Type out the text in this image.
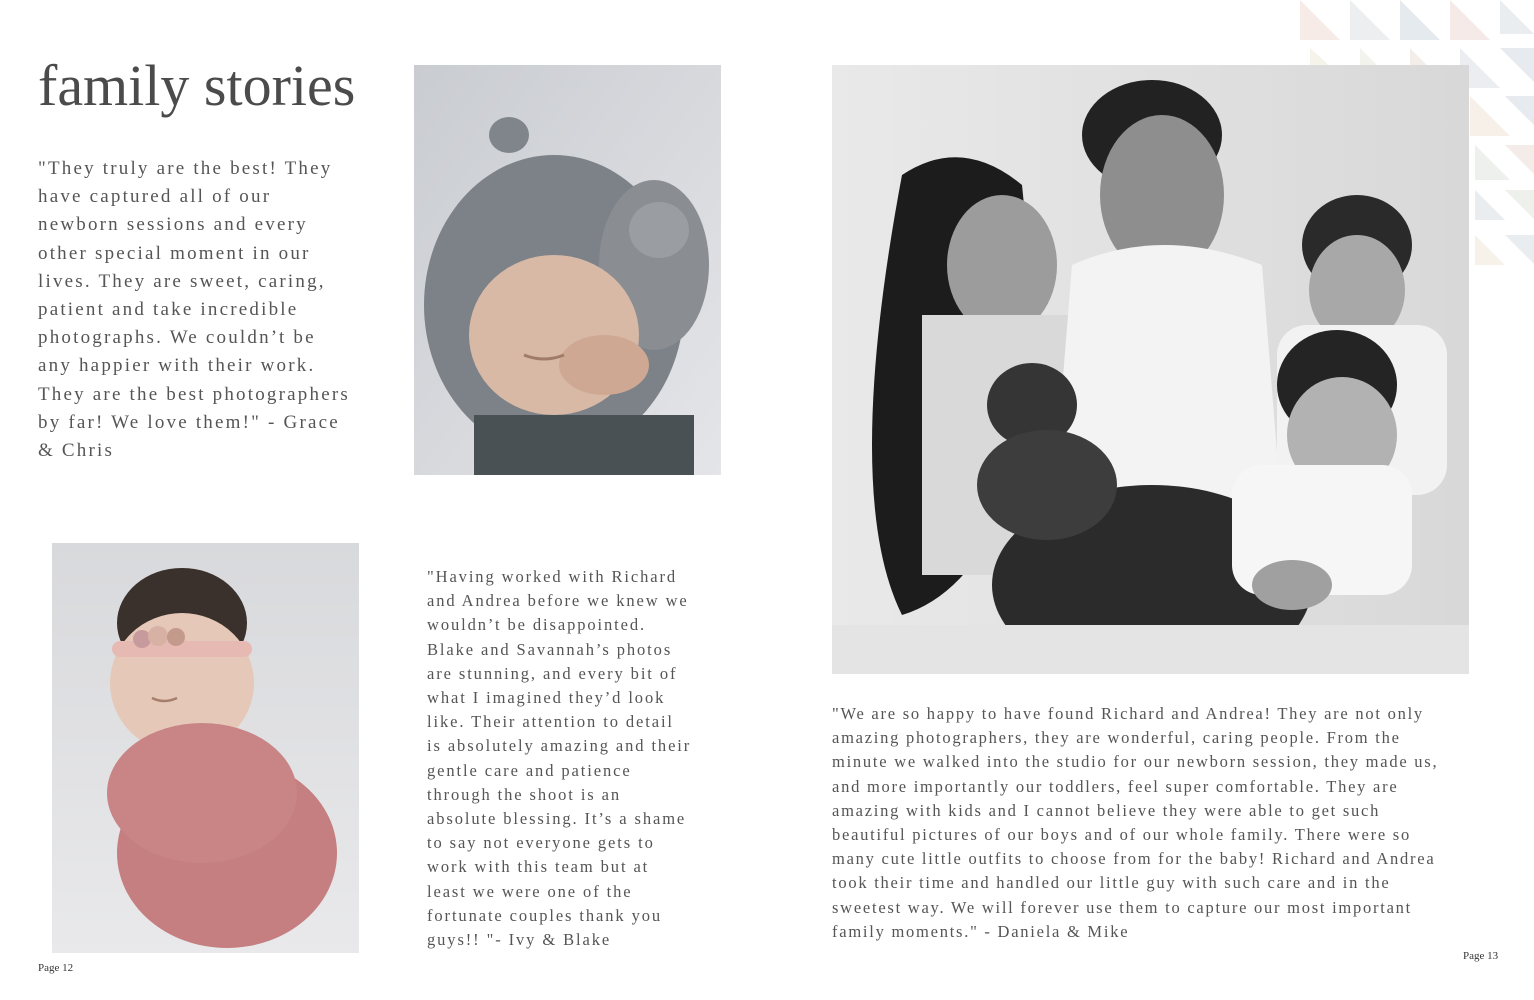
family stories

"They truly are the best! They
have captured all of our
newborn sessions and every
other special moment in our
lives. They are sweet, caring,
patient and take incredible
photographs. We couldn’t be
any happier with their work.
They are the best photographers
by far! We love them!" - Grace
& Chris

"Having worked with Richard
and Andrea before we knew we
wouldn’t be disappointed.
Blake and Savannah’s photos
are stunning, and every bit of
what I imagined they’d look
like. Their attention to detail
is absolutely amazing and their
gentle care and patience
through the shoot is an
absolute blessing. It’s a shame
to say not everyone gets to
work with this team but at
least we were one of the
fortunate couples thank you
guys!! "- Ivy & Blake

"We are so happy to have found Richard and Andrea! They are not only
amazing photographers, they are wonderful, caring people. From the
minute we walked into the studio for our newborn session, they made us,
and more importantly our toddlers, feel super comfortable. They are
amazing with kids and I cannot believe they were able to get such
beautiful pictures of our boys and of our whole family. There were so
many cute little outfits to choose from for the baby! Richard and Andrea
took their time and handled our little guy with such care and in the
sweetest way. We will forever use them to capture our most important
family moments." - Daniela & Mike

Page 12
Page 13
